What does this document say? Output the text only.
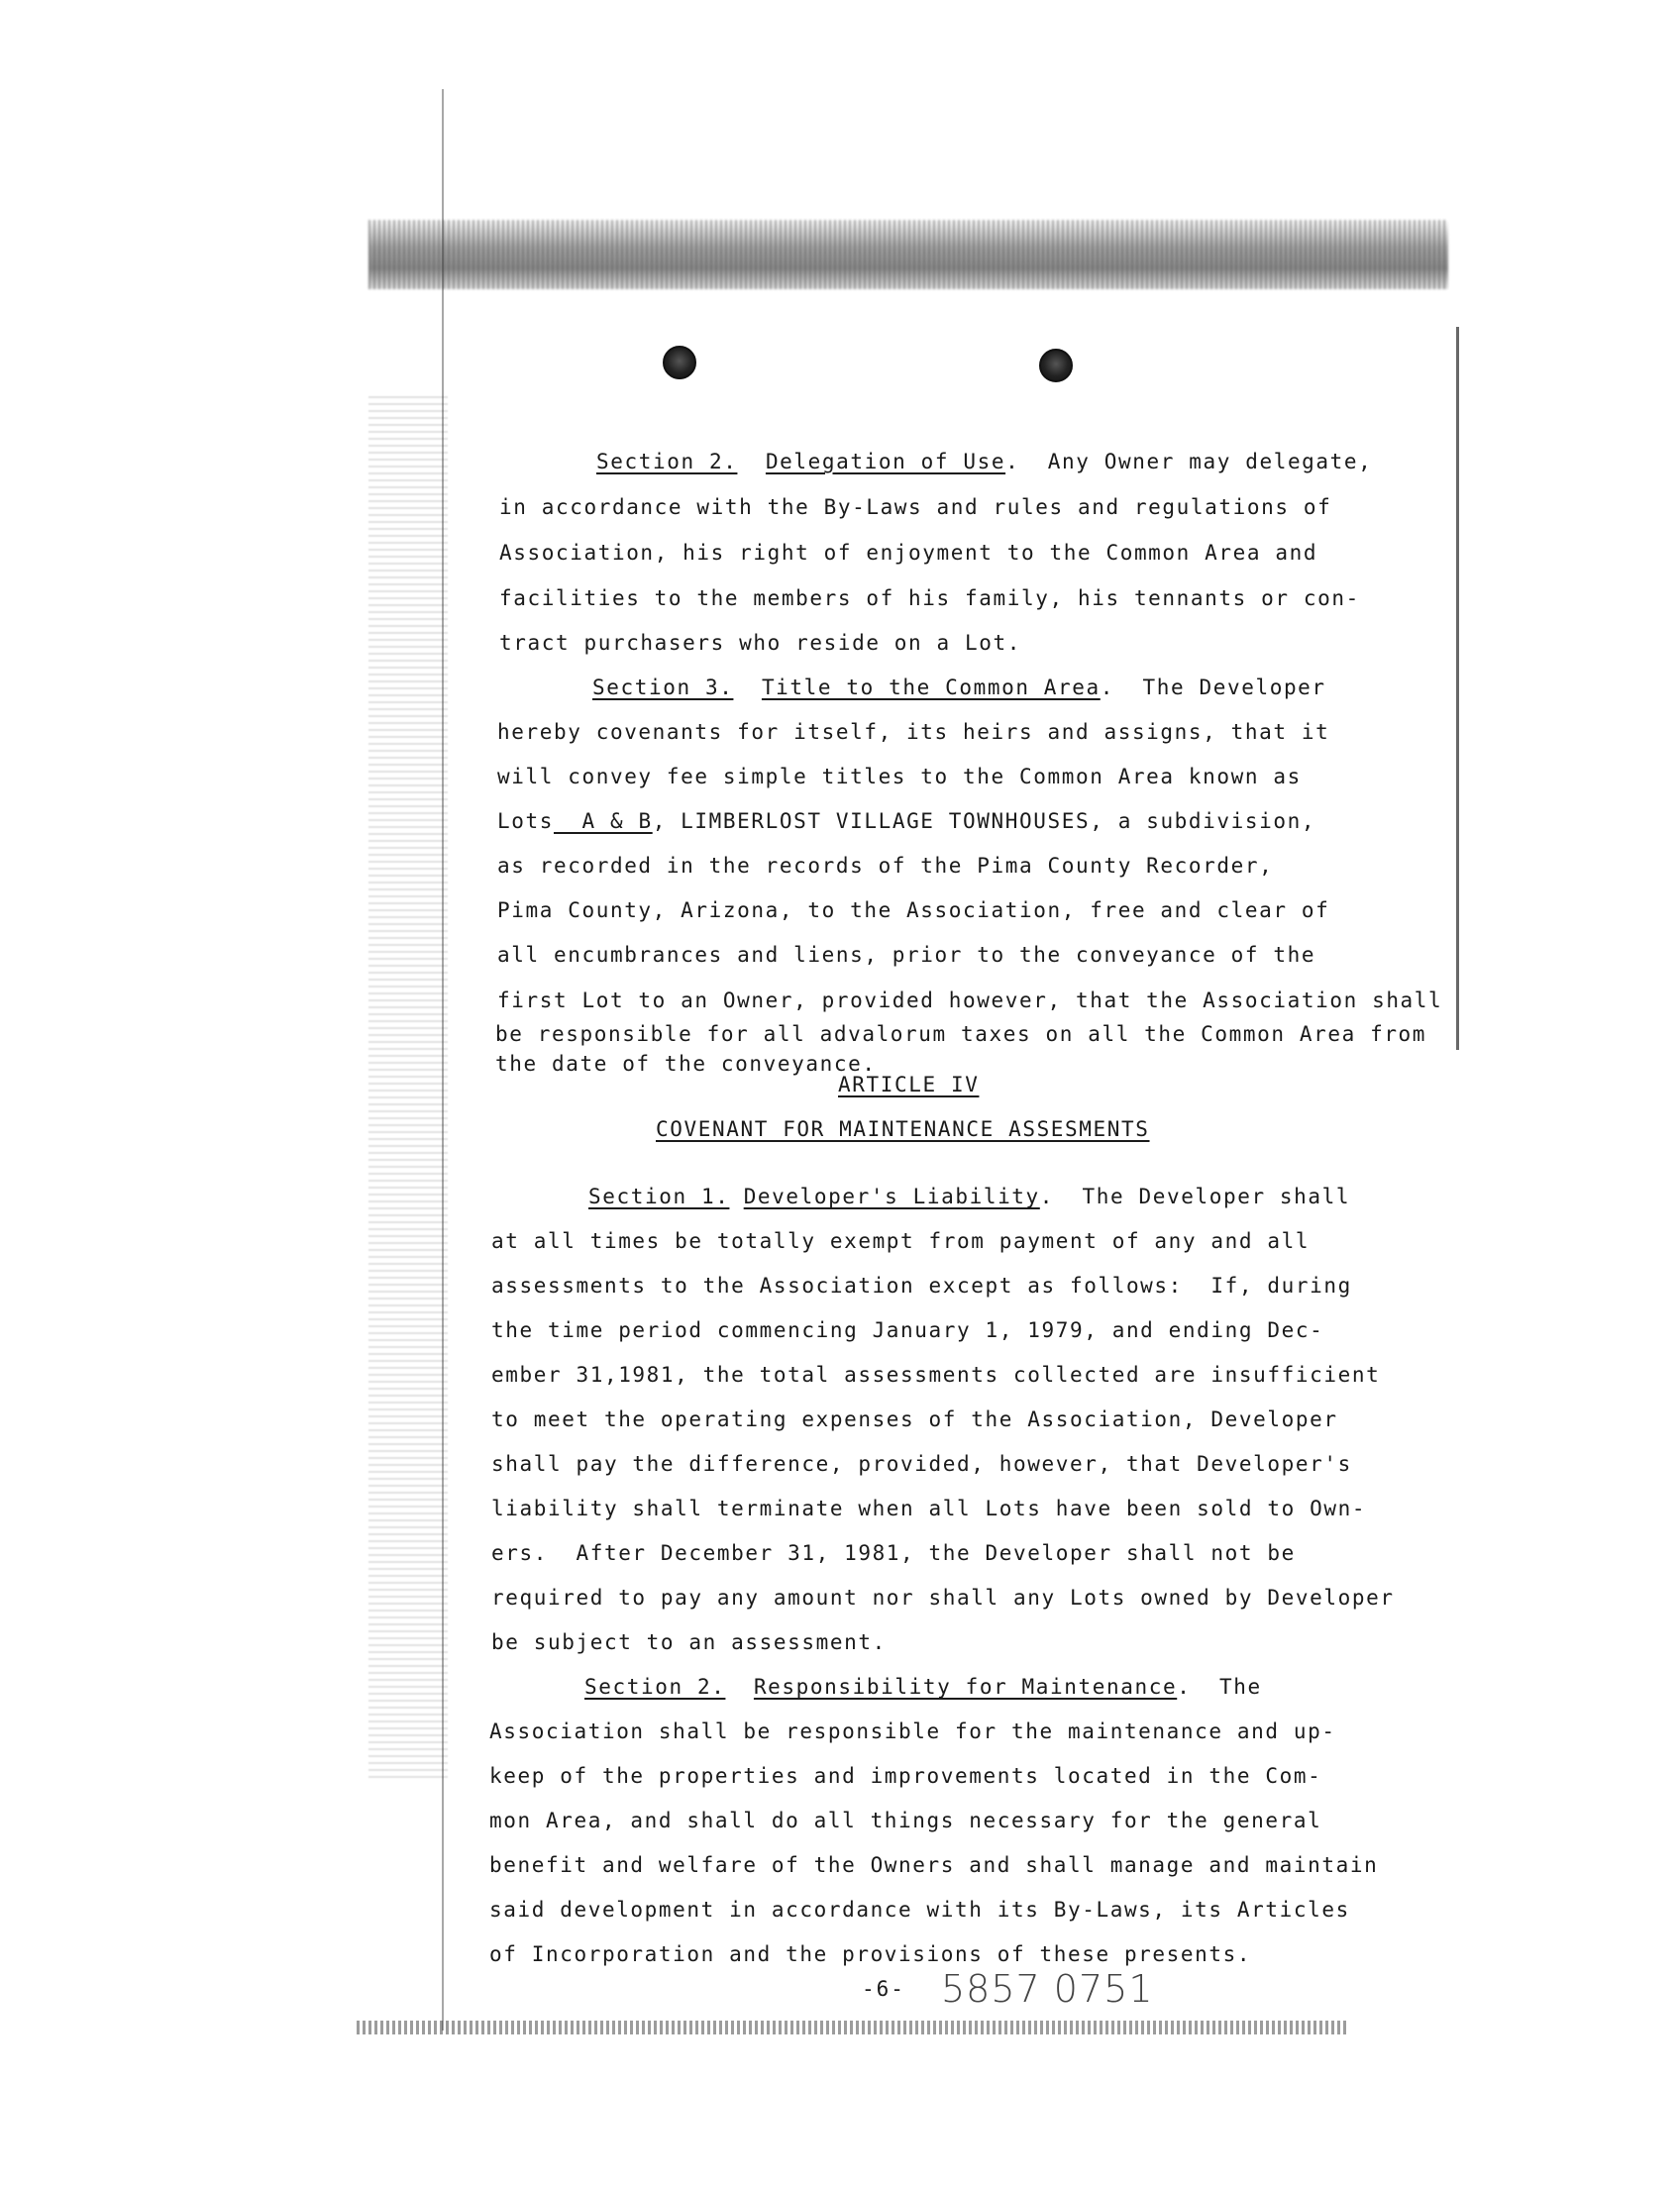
Section 2. Delegation of Use.  Any Owner may delegate,
in accordance with the By-Laws and rules and regulations of
Association, his right of enjoyment to the Common Area and
facilities to the members of his family, his tennants or con-
tract purchasers who reside on a Lot.
Section 3. Title to the Common Area.  The Developer
hereby covenants for itself, its heirs and assigns, that it
will convey fee simple titles to the Common Area known as
Lots  A & B, LIMBERLOST VILLAGE TOWNHOUSES, a subdivision,
as recorded in the records of the Pima County Recorder,
Pima County, Arizona, to the Association, free and clear of
all encumbrances and liens, prior to the conveyance of the
first Lot to an Owner, provided however, that the Association shall
be responsible for all advalorum taxes on all the Common Area from
the date of the conveyance.
ARTICLE IV
COVENANT FOR MAINTENANCE ASSESMENTS
Section 1. Developer's Liability.  The Developer shall
at all times be totally exempt from payment of any and all
assessments to the Association except as follows:  If, during
the time period commencing January 1, 1979, and ending Dec-
ember 31,1981, the total assessments collected are insufficient
to meet the operating expenses of the Association, Developer
shall pay the difference, provided, however, that Developer's
liability shall terminate when all Lots have been sold to Own-
ers.  After December 31, 1981, the Developer shall not be
required to pay any amount nor shall any Lots owned by Developer
be subject to an assessment.
Section 2. Responsibility for Maintenance.  The
Association shall be responsible for the maintenance and up-
keep of the properties and improvements located in the Com-
mon Area, and shall do all things necessary for the general
benefit and welfare of the Owners and shall manage and maintain
said development in accordance with its By-Laws, its Articles
of Incorporation and the provisions of these presents.
-6- 5857 0751
